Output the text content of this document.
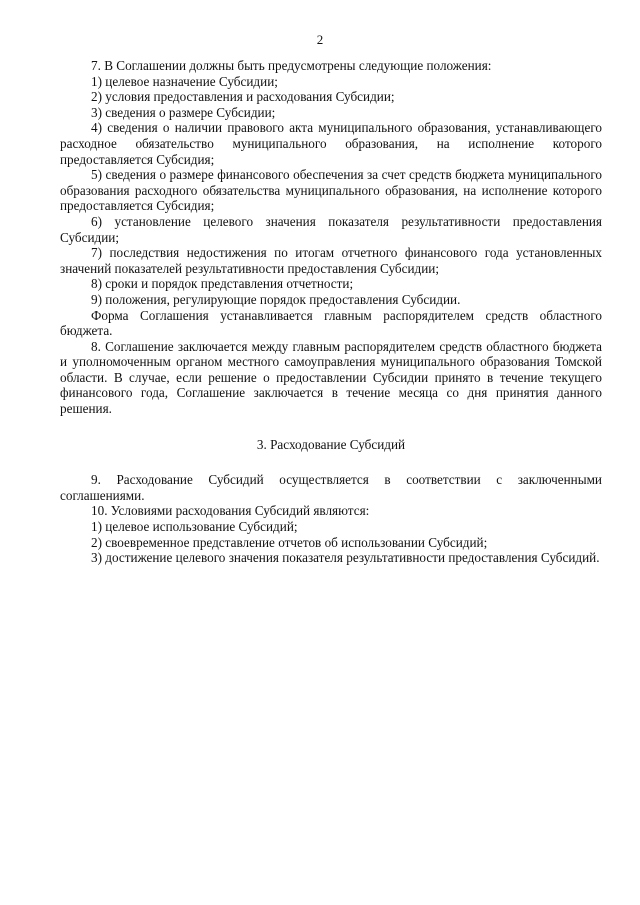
2

7. В Соглашении должны быть предусмотрены следующие положения:

1) целевое назначение Субсидии;

2) условия предоставления и расходования Субсидии;

3) сведения о размере Субсидии;

4) сведения о наличии правового акта муниципального образования, устанавливающего расходное обязательство муниципального образования, на исполнение которого предоставляется Субсидия;

5) сведения о размере финансового обеспечения за счет средств бюджета муниципального образования расходного обязательства муниципального образования, на исполнение которого предоставляется Субсидия;

6) установление целевого значения показателя результативности предоставления Субсидии;

7) последствия недостижения по итогам отчетного финансового года установленных значений показателей результативности предоставления Субсидии;

8) сроки и порядок представления отчетности;

9) положения, регулирующие порядок предоставления Субсидии.

Форма Соглашения устанавливается главным распорядителем средств областного бюджета.

8. Соглашение заключается между главным распорядителем средств областного бюджета и уполномоченным органом местного самоуправления муниципального образования Томской области. В случае, если решение о предоставлении Субсидии принято в течение текущего финансового года, Соглашение заключается в течение месяца со дня принятия данного решения.

3. Расходование Субсидий

9. Расходование Субсидий осуществляется в соответствии с заключенными соглашениями.

10. Условиями расходования Субсидий являются:

1) целевое использование Субсидий;

2) своевременное представление отчетов об использовании Субсидий;

3) достижение целевого значения показателя результативности предоставления Субсидий.
